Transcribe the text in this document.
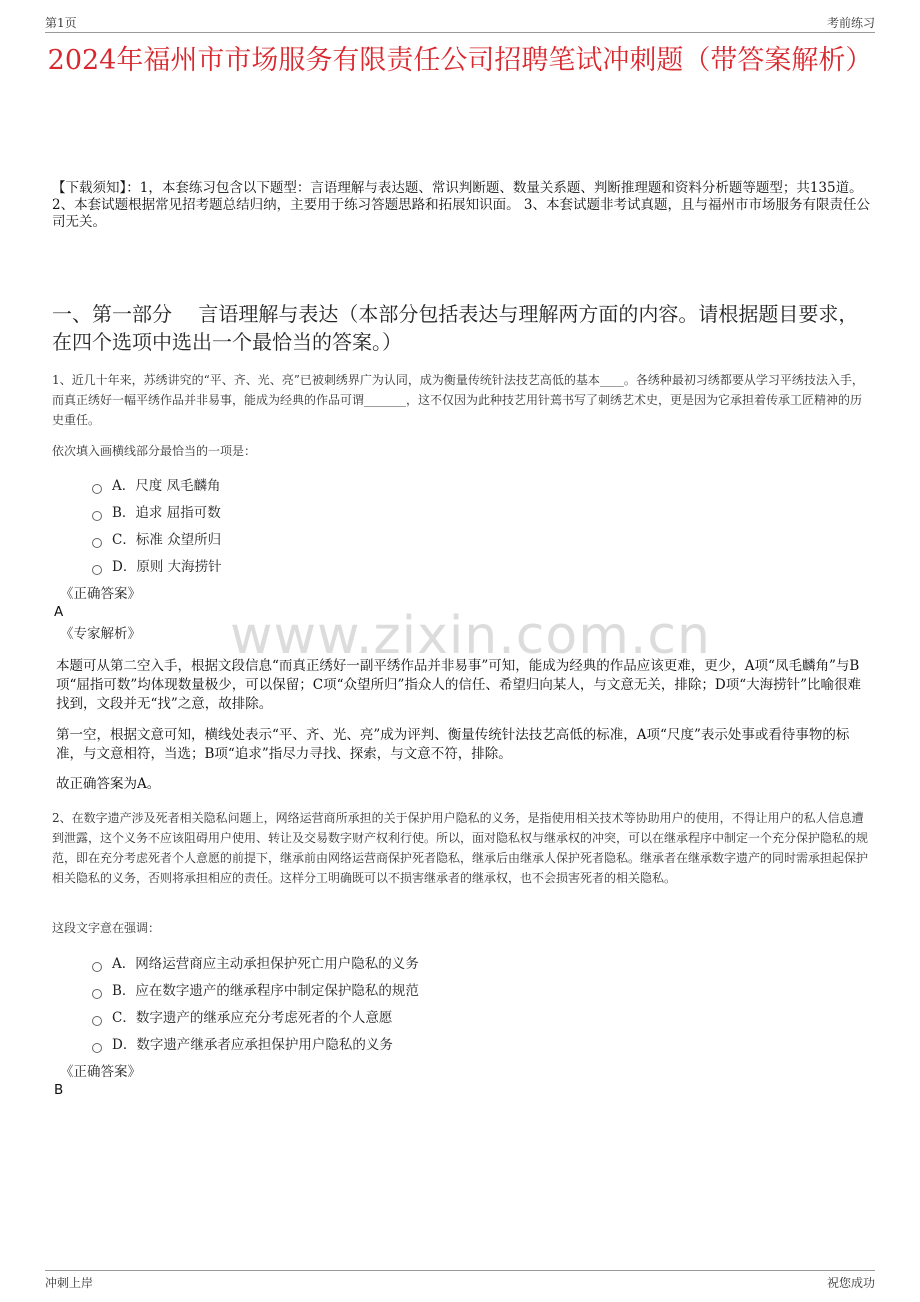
第1页	考前练习
2024年福州市市场服务有限责任公司招聘笔试冲刺题（带答案解析）
【下载须知】：1，本套练习包含以下题型：言语理解与表达题、常识判断题、数量关系题、判断推理题和资料分析题等题型；共135道。 2、本套试题根据常见招考题总结归纳，主要用于练习答题思路和拓展知识面。 3、本套试题非考试真题，且与福州市市场服务有限责任公司无关。
一、第一部分　 言语理解与表达（本部分包括表达与理解两方面的内容。请根据题目要求，在四个选项中选出一个最恰当的答案。）
www.zixin.com.cn
1、近几十年来，苏绣讲究的“平、齐、光、亮”已被刺绣界广为认同，成为衡量传统针法技艺高低的基本____。各绣种最初习绣都要从学习平绣技法入手，而真正绣好一幅平绣作品并非易事，能成为经典的作品可谓_______，这不仅因为此种技艺用针蔫书写了刺绣艺术史，更是因为它承担着传承工匠精神的历史重任。
依次填入画横线部分最恰当的一项是：
A．尺度 凤毛麟角
B．追求 屈指可数
C．标准 众望所归
D．原则 大海捞针
《正确答案》
A
《专家解析》
本题可从第二空入手，根据文段信息“而真正绣好一副平绣作品并非易事”可知，能成为经典的作品应该更难，更少，A项“凤毛麟角”与B项“屈指可数”均体现数量极少，可以保留；C项“众望所归”指众人的信任、希望归向某人，与文意无关，排除；D项“大海捞针”比喻很难找到，文段并无“找”之意，故排除。
第一空，根据文意可知，横线处表示“平、齐、光、亮”成为评判、衡量传统针法技艺高低的标准，A项“尺度”表示处事或看待事物的标准，与文意相符，当选；B项“追求”指尽力寻找、探索，与文意不符，排除。
故正确答案为A。
2、在数字遗产涉及死者相关隐私问题上，网络运营商所承担的关于保护用户隐私的义务，是指使用相关技术等协助用户的使用，不得让用户的私人信息遭到泄露，这个义务不应该阻碍用户使用、转让及交易数字财产权利行使。所以，面对隐私权与继承权的冲突，可以在继承程序中制定一个充分保护隐私的规范，即在充分考虑死者个人意愿的前提下，继承前由网络运营商保护死者隐私，继承后由继承人保护死者隐私。继承者在继承数字遗产的同时需承担起保护相关隐私的义务，否则将承担相应的责任。这样分工明确既可以不损害继承者的继承权，也不会损害死者的相关隐私。
这段文字意在强调：
A．网络运营商应主动承担保护死亡用户隐私的义务
B．应在数字遗产的继承程序中制定保护隐私的规范
C．数字遗产的继承应充分考虑死者的个人意愿
D．数字遗产继承者应承担保护用户隐私的义务
《正确答案》
B
冲刺上岸	祝您成功
